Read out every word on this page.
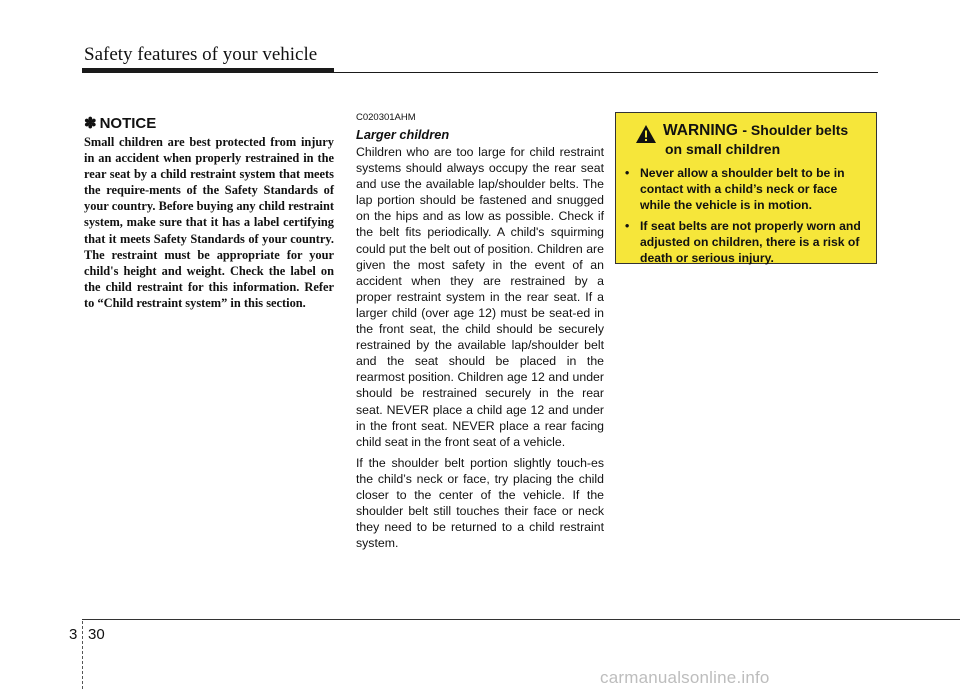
Safety features of your vehicle

✽ NOTICE

Small children are best protected from injury in an accident when properly restrained in the rear seat by a child restraint system that meets the require-ments of the Safety Standards of your country. Before buying any child restraint system, make sure that it has a label certifying that it meets Safety Standards of your country. The restraint must be appropriate for your child's height and weight. Check the label on the child restraint for this information. Refer to “Child restraint system” in this section.

C020301AHM

Larger children

Children who are too large for child restraint systems should always occupy the rear seat and use the available lap/shoulder belts. The lap portion should be fastened and snugged on the hips and as low as possible. Check if the belt fits periodically. A child's squirming could put the belt out of position. Children are given the most safety in the event of an accident when they are restrained by a proper restraint system in the rear seat. If a larger child (over age 12) must be seat-ed in the front seat, the child should be securely restrained by the available lap/shoulder belt and the seat should be placed in the rearmost position. Children age 12 and under should be restrained securely in the rear seat. NEVER place a child age 12 and under in the front seat. NEVER place a rear facing child seat in the front seat of a vehicle.

If the shoulder belt portion slightly touch-es the child’s neck or face, try placing the child closer to the center of the vehicle. If the shoulder belt still touches their face or neck they need to be returned to a child restraint system.

WARNING - Shoulder belts
on small children
• Never allow a shoulder belt to be in contact with a child’s neck or face while the vehicle is in motion.
• If seat belts are not properly worn and adjusted on children, there is a risk of death or serious injury.
3 30
carmanualsonline.info
